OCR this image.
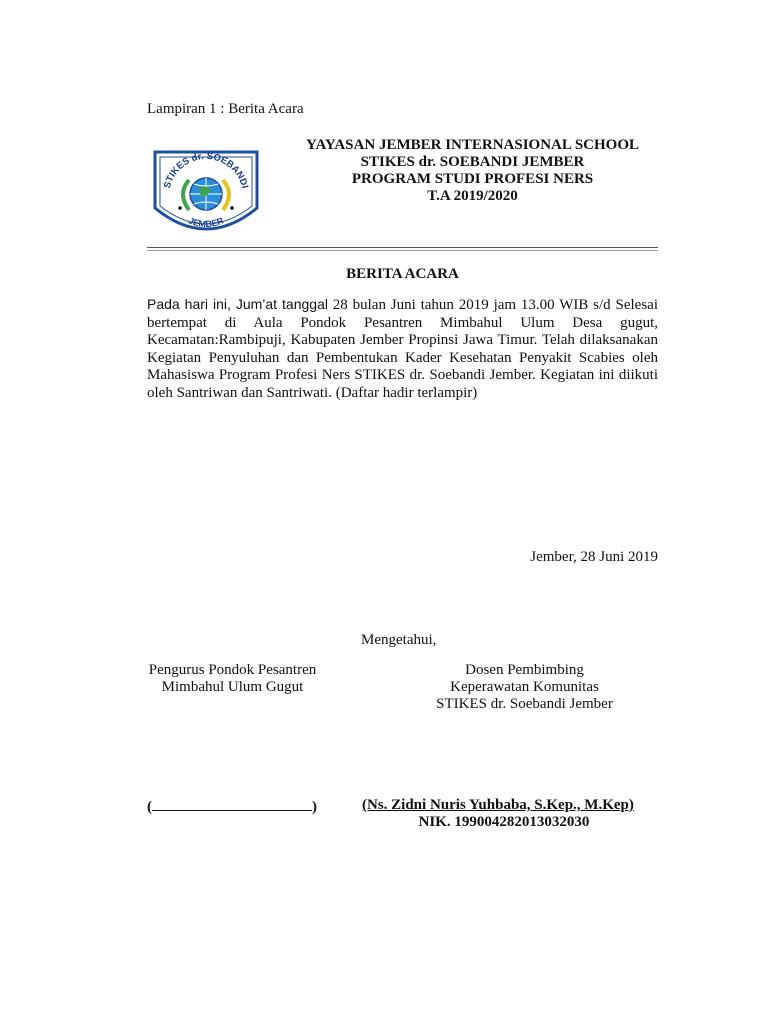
Lampiran 1 : Berita Acara
STIKES dr. SOEBANDI
JEMBER
YAYASAN JEMBER INTERNASIONAL SCHOOL
STIKES dr. SOEBANDI JEMBER
PROGRAM STUDI PROFESI NERS
T.A 2019/2020
BERITA ACARA
Pada hari ini, Jum’at tanggal 28 bulan Juni tahun 2019 jam 13.00 WIB s/d Selesai bertempat di Aula Pondok Pesantren Mimbahul Ulum Desa gugut, Kecamatan:Rambipuji, Kabupaten Jember Propinsi Jawa Timur. Telah dilaksanakan Kegiatan Penyuluhan dan Pembentukan Kader Kesehatan Penyakit Scabies oleh Mahasiswa Program Profesi Ners STIKES dr. Soebandi Jember. Kegiatan ini diikuti oleh Santriwan dan Santriwati. (Daftar hadir terlampir)
Jember, 28 Juni 2019
Mengetahui,
Pengurus Pondok Pesantren
Mimbahul Ulum Gugut
Dosen Pembimbing
Keperawatan Komunitas
STIKES dr. Soebandi Jember
(	)	(Ns. Zidni Nuris Yuhbaba, S.Kep., M.Kep)
NIK. 199004282013032030
